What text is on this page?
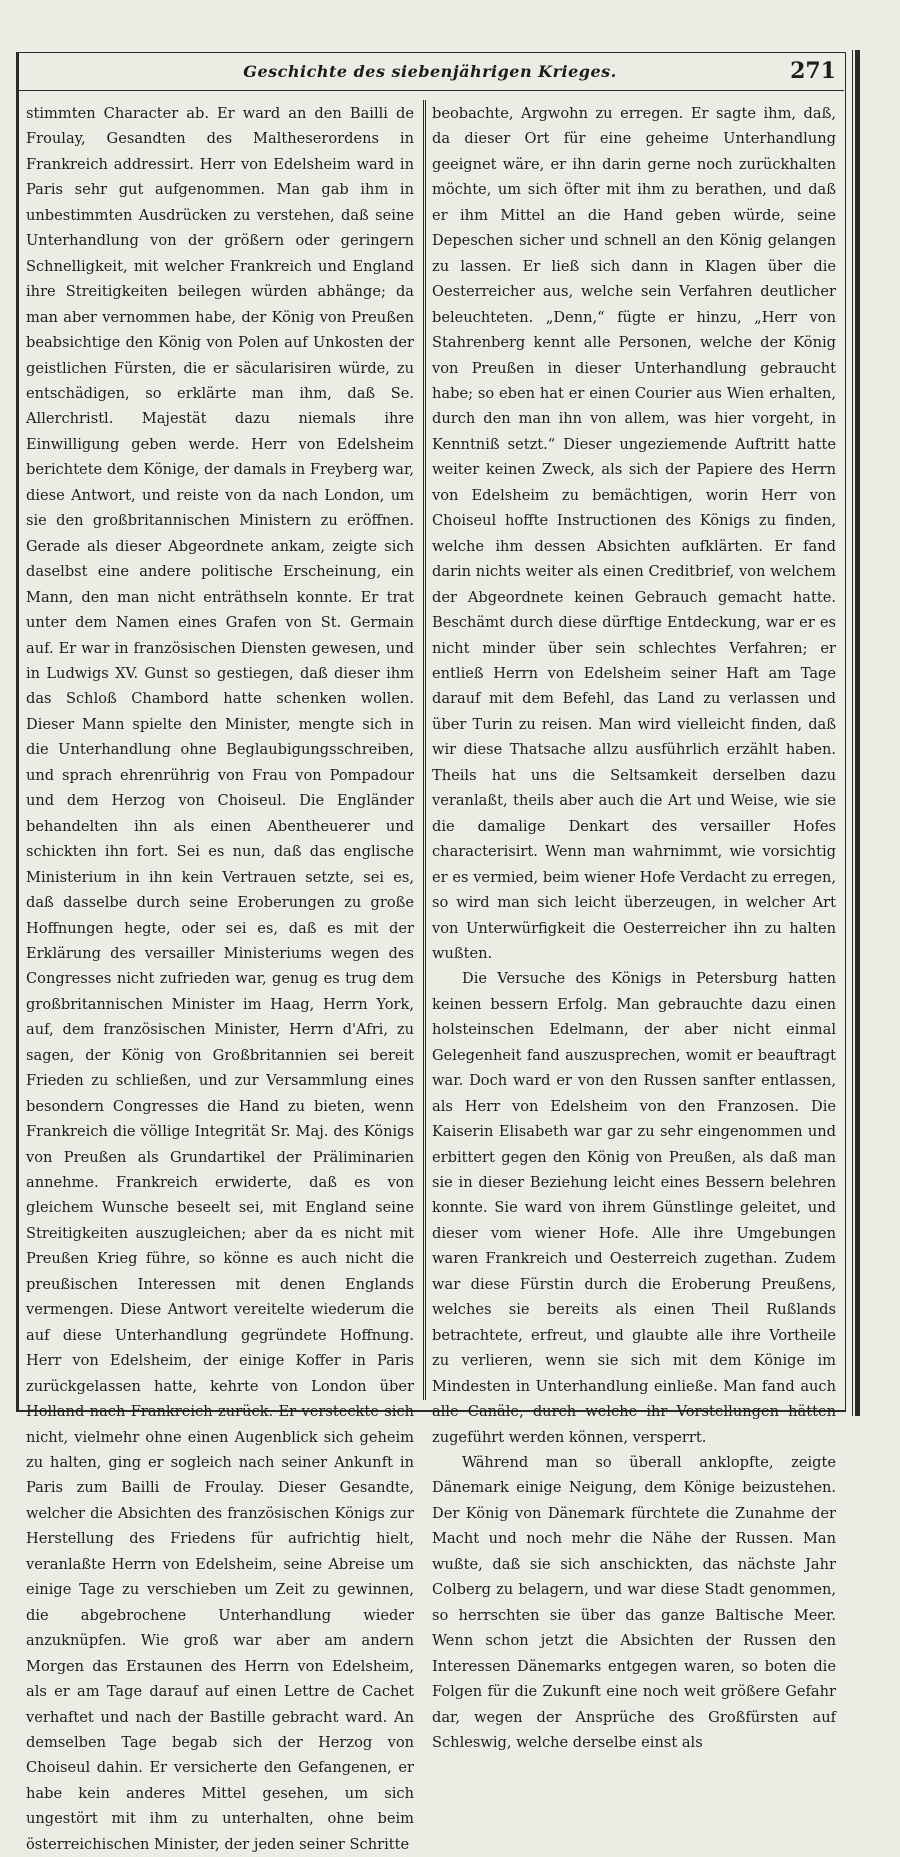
Geschichte des siebenjährigen Krieges.	271

stimmten Character ab. Er ward an den Bailli de Froulay, Gesandten des Maltheserordens in Frankreich addressirt. Herr von Edelsheim ward in Paris sehr gut aufgenommen. Man gab ihm in unbestimmten Ausdrücken zu verstehen, daß seine Unterhandlung von der größern oder geringern Schnelligkeit, mit welcher Frankreich und England ihre Streitigkeiten beilegen würden abhänge; da man aber vernommen habe, der König von Preußen beabsichtige den König von Polen auf Unkosten der geistlichen Fürsten, die er säcularisiren würde, zu entschädigen, so erklärte man ihm, daß Se. Allerchristl. Majestät dazu niemals ihre Einwilligung geben werde. Herr von Edelsheim berichtete dem Könige, der damals in Freyberg war, diese Antwort, und reiste von da nach London, um sie den großbritannischen Ministern zu eröffnen. Gerade als dieser Abgeordnete ankam, zeigte sich daselbst eine andere politische Erscheinung, ein Mann, den man nicht enträthseln konnte. Er trat unter dem Namen eines Grafen von St. Germain auf. Er war in französischen Diensten gewesen, und in Ludwigs XV. Gunst so gestiegen, daß dieser ihm das Schloß Chambord hatte schenken wollen. Dieser Mann spielte den Minister, mengte sich in die Unterhandlung ohne Beglaubigungsschreiben, und sprach ehrenrührig von Frau von Pompadour und dem Herzog von Choiseul. Die Engländer behandelten ihn als einen Abentheuerer und schickten ihn fort. Sei es nun, daß das englische Ministerium in ihn kein Vertrauen setzte, sei es, daß dasselbe durch seine Eroberungen zu große Hoffnungen hegte, oder sei es, daß es mit der Erklärung des versailler Ministeriums wegen des Congresses nicht zufrieden war, genug es trug dem großbritannischen Minister im Haag, Herrn York, auf, dem französischen Minister, Herrn d'Afri, zu sagen, der König von Großbritannien sei bereit Frieden zu schließen, und zur Versammlung eines besondern Congresses die Hand zu bieten, wenn Frankreich die völlige Integrität Sr. Maj. des Königs von Preußen als Grundartikel der Präliminarien annehme. Frankreich erwiderte, daß es von gleichem Wunsche beseelt sei, mit England seine Streitigkeiten auszugleichen; aber da es nicht mit Preußen Krieg führe, so könne es auch nicht die preußischen Interessen mit denen Englands vermengen. Diese Antwort vereitelte wiederum die auf diese Unterhandlung gegründete Hoffnung. Herr von Edelsheim, der einige Koffer in Paris zurückgelassen hatte, kehrte von London über Holland nach Frankreich zurück. Er versteckte sich nicht, vielmehr ohne einen Augenblick sich geheim zu halten, ging er sogleich nach seiner Ankunft in Paris zum Bailli de Froulay. Dieser Gesandte, welcher die Absichten des französischen Königs zur Herstellung des Friedens für aufrichtig hielt, veranlaßte Herrn von Edelsheim, seine Abreise um einige Tage zu verschieben um Zeit zu gewinnen, die abgebrochene Unterhandlung wieder anzuknüpfen. Wie groß war aber am andern Morgen das Erstaunen des Herrn von Edelsheim, als er am Tage darauf auf einen Lettre de Cachet verhaftet und nach der Bastille gebracht ward. An demselben Tage begab sich der Herzog von Choiseul dahin. Er versicherte den Gefangenen, er habe kein anderes Mittel gesehen, um sich ungestört mit ihm zu unterhalten, ohne beim österreichischen Minister, der jeden seiner Schritte

beobachte, Argwohn zu erregen. Er sagte ihm, daß, da dieser Ort für eine geheime Unterhandlung geeignet wäre, er ihn darin gerne noch zurückhalten möchte, um sich öfter mit ihm zu berathen, und daß er ihm Mittel an die Hand geben würde, seine Depeschen sicher und schnell an den König gelangen zu lassen. Er ließ sich dann in Klagen über die Oesterreicher aus, welche sein Verfahren deutlicher beleuchteten. „Denn,“ fügte er hinzu, „Herr von Stahrenberg kennt alle Personen, welche der König von Preußen in dieser Unterhandlung gebraucht habe; so eben hat er einen Courier aus Wien erhalten, durch den man ihn von allem, was hier vorgeht, in Kenntniß setzt.“ Dieser ungeziemende Auftritt hatte weiter keinen Zweck, als sich der Papiere des Herrn von Edelsheim zu bemächtigen, worin Herr von Choiseul hoffte Instructionen des Königs zu finden, welche ihm dessen Absichten aufklärten. Er fand darin nichts weiter als einen Creditbrief, von welchem der Abgeordnete keinen Gebrauch gemacht hatte. Beschämt durch diese dürftige Entdeckung, war er es nicht minder über sein schlechtes Verfahren; er entließ Herrn von Edelsheim seiner Haft am Tage darauf mit dem Befehl, das Land zu verlassen und über Turin zu reisen. Man wird vielleicht finden, daß wir diese Thatsache allzu ausführlich erzählt haben. Theils hat uns die Seltsamkeit derselben dazu veranlaßt, theils aber auch die Art und Weise, wie sie die damalige Denkart des versailler Hofes characterisirt. Wenn man wahrnimmt, wie vorsichtig er es vermied, beim wiener Hofe Verdacht zu erregen, so wird man sich leicht überzeugen, in welcher Art von Unterwürfigkeit die Oesterreicher ihn zu halten wußten.

Die Versuche des Königs in Petersburg hatten keinen bessern Erfolg. Man gebrauchte dazu einen holsteinschen Edelmann, der aber nicht einmal Gelegenheit fand auszusprechen, womit er beauftragt war. Doch ward er von den Russen sanfter entlassen, als Herr von Edelsheim von den Franzosen. Die Kaiserin Elisabeth war gar zu sehr eingenommen und erbittert gegen den König von Preußen, als daß man sie in dieser Beziehung leicht eines Bessern belehren konnte. Sie ward von ihrem Günstlinge geleitet, und dieser vom wiener Hofe. Alle ihre Umgebungen waren Frankreich und Oesterreich zugethan. Zudem war diese Fürstin durch die Eroberung Preußens, welches sie bereits als einen Theil Rußlands betrachtete, erfreut, und glaubte alle ihre Vortheile zu verlieren, wenn sie sich mit dem Könige im Mindesten in Unterhandlung einließe. Man fand auch alle Canäle, durch welche ihr Vorstellungen hätten zugeführt werden können, versperrt.

Während man so überall anklopfte, zeigte Dänemark einige Neigung, dem Könige beizustehen. Der König von Dänemark fürchtete die Zunahme der Macht und noch mehr die Nähe der Russen. Man wußte, daß sie sich anschickten, das nächste Jahr Colberg zu belagern, und war diese Stadt genommen, so herrschten sie über das ganze Baltische Meer. Wenn schon jetzt die Absichten der Russen den Interessen Dänemarks entgegen waren, so boten die Folgen für die Zukunft eine noch weit größere Gefahr dar, wegen der Ansprüche des Großfürsten auf Schleswig, welche derselbe einst als
